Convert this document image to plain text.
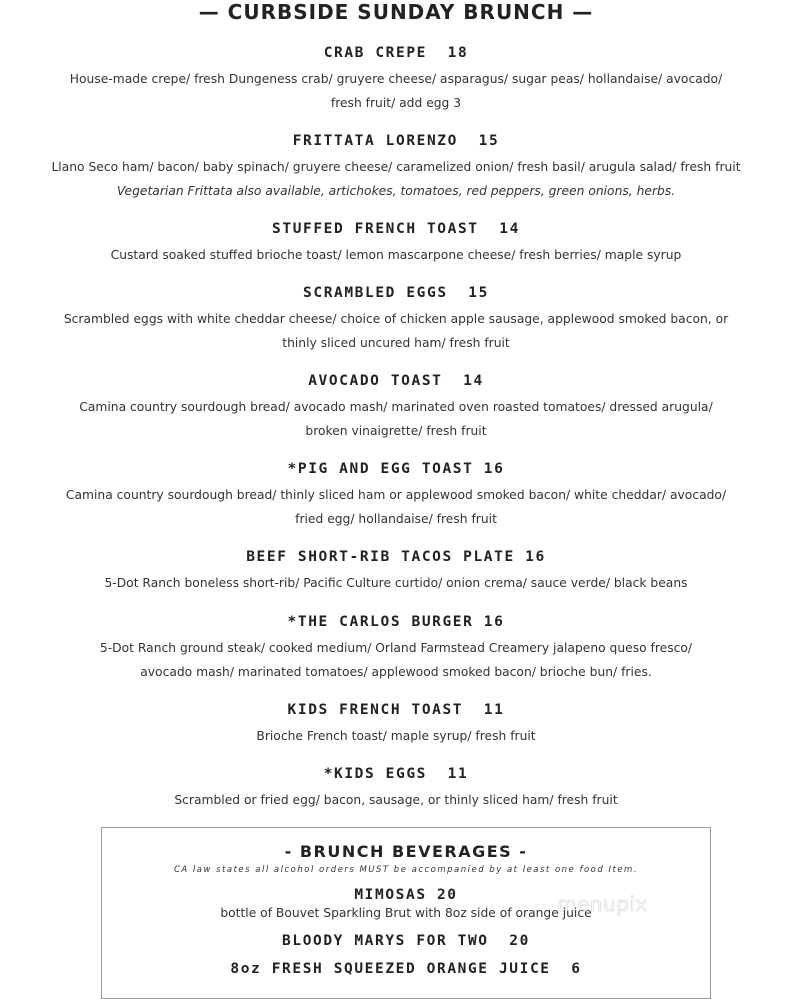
— CURBSIDE SUNDAY BRUNCH —
CRAB CREPE  18
House-made crepe/ fresh Dungeness crab/ gruyere cheese/ asparagus/ sugar peas/ hollandaise/ avocado/
fresh fruit/ add egg 3
FRITTATA LORENZO  15
Llano Seco ham/ bacon/ baby spinach/ gruyere cheese/ caramelized onion/ fresh basil/ arugula salad/ fresh fruit
Vegetarian Frittata also available, artichokes, tomatoes, red peppers, green onions, herbs.
STUFFED FRENCH TOAST  14
Custard soaked stuffed brioche toast/ lemon mascarpone cheese/ fresh berries/ maple syrup
SCRAMBLED EGGS  15
Scrambled eggs with white cheddar cheese/ choice of chicken apple sausage, applewood smoked bacon, or
thinly sliced uncured ham/ fresh fruit
AVOCADO TOAST  14
Camina country sourdough bread/ avocado mash/ marinated oven roasted tomatoes/ dressed arugula/
broken vinaigrette/ fresh fruit
*PIG AND EGG TOAST 16
Camina country sourdough bread/ thinly sliced ham or applewood smoked bacon/ white cheddar/ avocado/
fried egg/ hollandaise/ fresh fruit
BEEF SHORT-RIB TACOS PLATE 16
5-Dot Ranch boneless short-rib/ Pacific Culture curtido/ onion crema/ sauce verde/ black beans
*THE CARLOS BURGER 16
5-Dot Ranch ground steak/ cooked medium/ Orland Farmstead Creamery jalapeno queso fresco/
avocado mash/ marinated tomatoes/ applewood smoked bacon/ brioche bun/ fries.
KIDS FRENCH TOAST  11
Brioche French toast/ maple syrup/ fresh fruit
*KIDS EGGS  11
Scrambled or fried egg/ bacon, sausage, or thinly sliced ham/ fresh fruit
- BRUNCH BEVERAGES -
CA law states all alcohol orders MUST be accompanied by at least one food Item.
MIMOSAS 20
bottle of Bouvet Sparkling Brut with 8oz side of orange juice
BLOODY MARYS FOR TWO  20
8oz FRESH SQUEEZED ORANGE JUICE  6
menupix
